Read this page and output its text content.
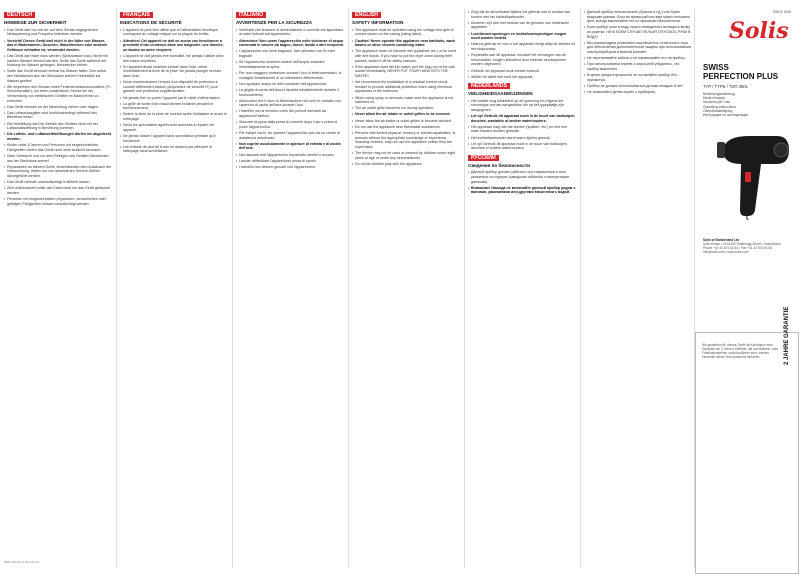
DEUTSCH
HINWEISE ZUR SICHERHEIT

• Das Gerät darf nur mit der auf dem Geräte angegebenen Netzspannung und Frequenz betrieben werden.

• Vorsicht! Dieses Gerät darf nicht in der Nähe von Wasser, das in Badewannen, Duschen, Waschbecken oder anderen Gefässen enthalten ist, verwendet werden.

• Das Gerät darf nicht nass werden (Spritzwasser usw.) Nicht mit nassen Händen benutzt werden. Sollte das Gerät während der Nutzung ins Wasser gelangen, Netzstecker ziehen.

• Sollte das Gerät dennoch einmal ins Wasser fallen: Den sofort den Netzstecker aus der Steckdose ziehen! Keinesfalls ins Wasser greifen!

• Wir empfehlen den Einsatz eines Fehlerstromschutzschalters (FI-Schutzschalter), um einen zusätzlichen Schutz bei der Verwendung von elektrischen Geräten im Badezimmer zu erreichen.

• Das Gerät niemals an der Netzleitung ziehen oder tragen.

• Das Luftauslassgitter wird funktionsbedingt während des Betriebes heiss!

• Die Netzleitung darf bei Betrieb des Gerätes nicht mit der Luftauslassöffnung in Berührung kommen.

• Die Luftein- und Luftaustrittsöffnungen dürfen nie abgedeckt werden.

• Kinder unter 8 Jahren und Personen mit eingeschränkten Fähigkeiten dürfen das Gerät nicht ohne Aufsicht benutzen.

• Nach Gebrauch und vor dem Reinigen des Gerätes Netzstecker aus der Steckdose ziehen!

• Reparaturen an diesem Gerät, einschliesslich dem Austausch der Netzzuleitung, dürfen nur von autorisierten Service-Stellen durchgeführt werden.

• Das Gerät niemals unbeaufsichtigt in Betrieb lassen.

• Zum Aufbewahren sollte das Kabel nicht um das Gerät gewickelt werden.

• Personen mit eingeschränkten physischen, sensorischen oder geistigen Fähigkeiten müssen beaufsichtigt werden.

FRANÇAIS
INDICATIONS DE SÉCURITÉ

• L'appareil ne peut être utilisé que si l'alimentation électrique correspond au voltage indiqué sur la plaque du boîtier.

• Attention! Cet appareil ne doit en aucun cas fonctionner à proximité d'eau contenue dans une baignoire, une douche, un lavabo ou autre récipient.

• L'appareil ne doit jamais être humidifié. Ne jamais l'utiliser avec des mains mouillées.

• Si l'appareil devait toutefois tomber dans l'eau, retirer immédiatement la fiche de la prise. Ne jamais plonger la main dans l'eau.

• Nous recommandons l'emploi d'un dispositif de protection à courant différentiel résiduel (disjoncteur de sécurité FI) pour garantir une protection supplémentaire.

• Ne jamais tirer ou porter l'appareil par le câble d'alimentation.

• La grille de sortie d'air chaud devient brûlante pendant le fonctionnement.

• Retirer la fiche de la prise de courant après l'utilisation et avant le nettoyage.

• Seuls les spécialistes agréés sont autorisés à réparer cet appareil.

• Ne jamais laisser l'appareil sans surveillance pendant qu'il fonctionne.

• Les enfants de plus de 8 ans ne doivent pas effectuer le nettoyage sans surveillance.

ITALIANO
AVVERTENZE PER LA SICUREZZA

• Verificare che tensione di alimentazione e corrente corrispondano ai valori indicati sull'apparecchio.

• Attenzione! Non usare l'apparecchio nelle vicinanze di acqua contenuta in vasche da bagno, docce, lavabi o altri recipienti.

• L'apparecchio non deve bagnarsi. Non utilizzare con le mani bagnate.

• Se l'apparecchio dovesse cadere nell'acqua, staccare immediatamente la spina.

• Per una maggiore protezione durante l'uso di elettrodomestici, si consiglia l'installazione di un interruttore differenziale.

• Non spostare acqua né altre sostanze nell'apparecchio.

• La griglia di uscita dell'aria si riscalda inevitabilmente durante il funzionamento.

• Assicurarsi che il cavo di alimentazione non entri in contatto con l'apertura di uscita dell'aria durante l'uso.

• I bambini non si rendono conto dei pericoli derivanti da apparecchi elettrici.

• Staccare la spina dalla presa di corrente dopo l'uso e prima di pulire l'apparecchio.

• Per evitare rischi, far riparare l'apparecchio solo da un centro di assistenza autorizzato.

• Non coprire assolutamente le aperture di entrata e di uscita dell'aria.

• Non lasciare mai l'apparecchio incustodito mentre è acceso.

• Lasciar raffreddare l'apparecchio prima di riporlo.

• I bambini non devono giocare con l'apparecchio.

ENGLISH
SAFETY INFORMATION

• The appliance must be operated using the voltage and type of current shown on the casing (rating label).

• Caution! Never operate this appliance near bathtubs, wash basins or other vessels containing water.

• The appliance must not become wet (splashes, etc.) or be used with wet hands. If you have to put the dryer down during brief pauses, switch it off for safety reasons.

• If the appliance does fall into water, pull the plug out of the wall socket immediately. NEVER PUT YOUR HAND INTO THE WATER!

• We recommend the installation of a residual current circuit breaker to provide additional protection when using electrical appliances in the bathroom.

• When using spray or aerosols, make sure the appliance is not switched on.

• The air outlet grille becomes hot during operation.

• Never allow the air intake or outlet grilles to be covered.

• Never allow the air intake or outlet grilles to become blocked.

• Do not use the appliance near flammable substances.

• Persons with limited physical, sensory or mental capabilities, or persons without the appropriate knowledge or experience, including children, may not use the appliance unless they are supervised.

• The device may not be used or cleaned by children under eight years of age or under any circumstances.

• Do not let children play with the appliance.

• Zorg dat de stroomkabel tijdens het gebruik niet in contact kan komen met het luchtuitlaatrooster.

• Kinderen zijn zich niet bewust van de gevaren van elektrische apparaten.

• Luchtinvoeropeningen en luchtafvoeropeningen mogen nooit worden bedekt.

• Haal na gebruik en voor u het apparaat reinigt altijd de stekker uit het stopcontact.

• Reparaties aan dit apparaat, inclusief het vervangen van de stroomkabel, mogen uitsluitend door erkende servicepunten worden uitgevoerd.

• Gebruik het apparaat nooit zonder toezicht.

• Wikkel de kabel niet rond het apparaat.

NEDERLANDS
VEILIGHEIDSAANWIJZINGEN

• Het toestel mag uitsluitend op de spanning en volgens het stroomtype worden aangesloten die op het typeplaatje zijn aangegeven.

• Let op! Gebruik dit apparaat nooit in de buurt van badkuipen, douches, wastafels of andere waterhouders.

• Het apparaat mag niet nat worden (spatten, etc.) en niet met natte handen worden gebruikt.

• Het luchtuitlaatrooster wordt warm tijdens gebruik.

• Let op! Gebruik dit apparaat nooit in de buurt van badkuipen, douches of andere waterhouders.

РУССКИЙ
Сведения по безопасности

• Данный прибор должен работать при напряжении и токе, указанных на корпусе (заводская табличка с паспортными данными).

• Внимание! Никогда не включайте данный прибор рядом с ваннами, раковинами или другими ёмкостями с водой.

• Данный прибор нельзя мочить (брызги и т.д.) или брать мокрыми руками. Если во время работы вам нужно положить фен, всегда выключайте его по причинам безопасности.

• Если прибор упал в воду, нужно немедленно вытащить вилку из розетки. НИ В КОЕМ СЛУЧАЕ НЕЛЬЗЯ ОПУСКАТЬ РУКИ В ВОДУ!

• Мы рекомендуем установить выключатель остаточного тока для обеспечения дополнительной защиты при использовании электроприборов в ванной комнате.

• Не перетягивайте кабель и не наматывайте его на прибор.

• При использовании спреев и аэрозолей убедитесь, что прибор выключен.

• В целях предосторожности не оставляйте прибор без присмотра.

• Прибор не должен использоваться детьми младше 8 лет.

• Не позволяйте детям играть с прибором.

SINCE 1908
Solis
SWISS
PERFECTION PLUS
TYP / TYPE / ТИП 3801
Bedienungsanleitung
Mode d'emploi
Istruzioni per l'uso
Operating instructions
Gebruiksaanwijzing
Инструкция по эксплуатации
Solis of Switzerland Ltd
Solis House • CH-8152 Glattbrugg-Zürich • Switzerland
Phone +41 44 874 64 64 • Fax +41 44 874 64 65
info@solis.com • www.solis.com
Wir gewähren für dieses Gerät ab Kaufdatum eine Garantie von 2 Jahren. Defekte, die auf Material- oder Fabrikationsfehler zurückzuführen sind, werden innerhalb dieser Frist kostenlos behoben.	2 JAHRE GARANTIE
3801-DE-FR-IT-EN-NL-RU
